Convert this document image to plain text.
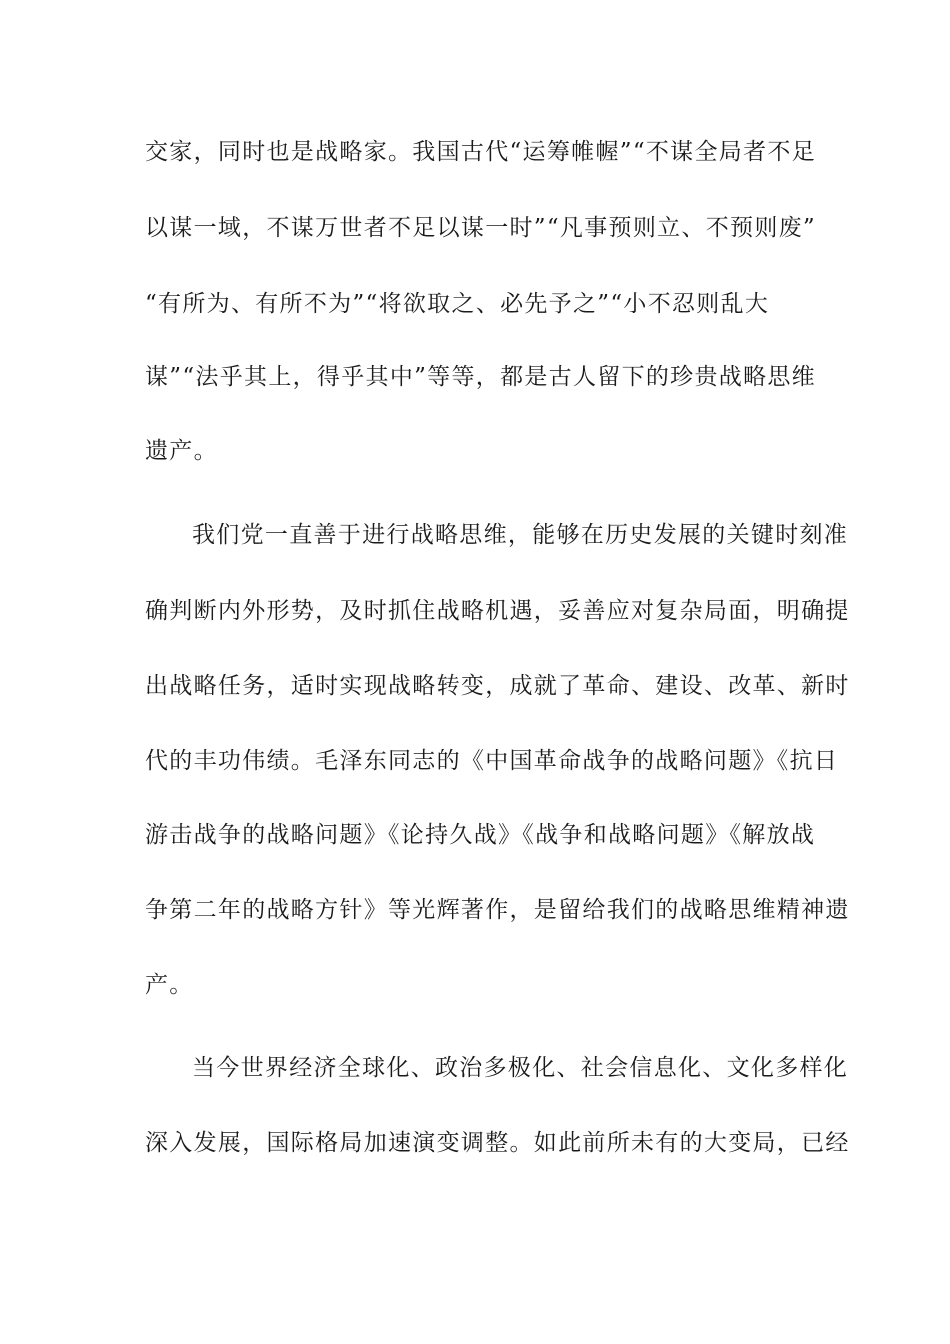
交家，同时也是战略家。我国古代“运筹帷幄”“不谋全局者不足
以谋一域，不谋万世者不足以谋一时”“凡事预则立、不预则废”
“有所为、有所不为”“将欲取之、必先予之”“小不忍则乱大
谋”“法乎其上，得乎其中”等等，都是古人留下的珍贵战略思维
遗产。
我们党一直善于进行战略思维，能够在历史发展的关键时刻准
确判断内外形势，及时抓住战略机遇，妥善应对复杂局面，明确提
出战略任务，适时实现战略转变，成就了革命、建设、改革、新时
代的丰功伟绩。毛泽东同志的《中国革命战争的战略问题》《抗日
游击战争的战略问题》《论持久战》《战争和战略问题》《解放战
争第二年的战略方针》等光辉著作，是留给我们的战略思维精神遗
产。
当今世界经济全球化、政治多极化、社会信息化、文化多样化
深入发展，国际格局加速演变调整。如此前所未有的大变局，已经
